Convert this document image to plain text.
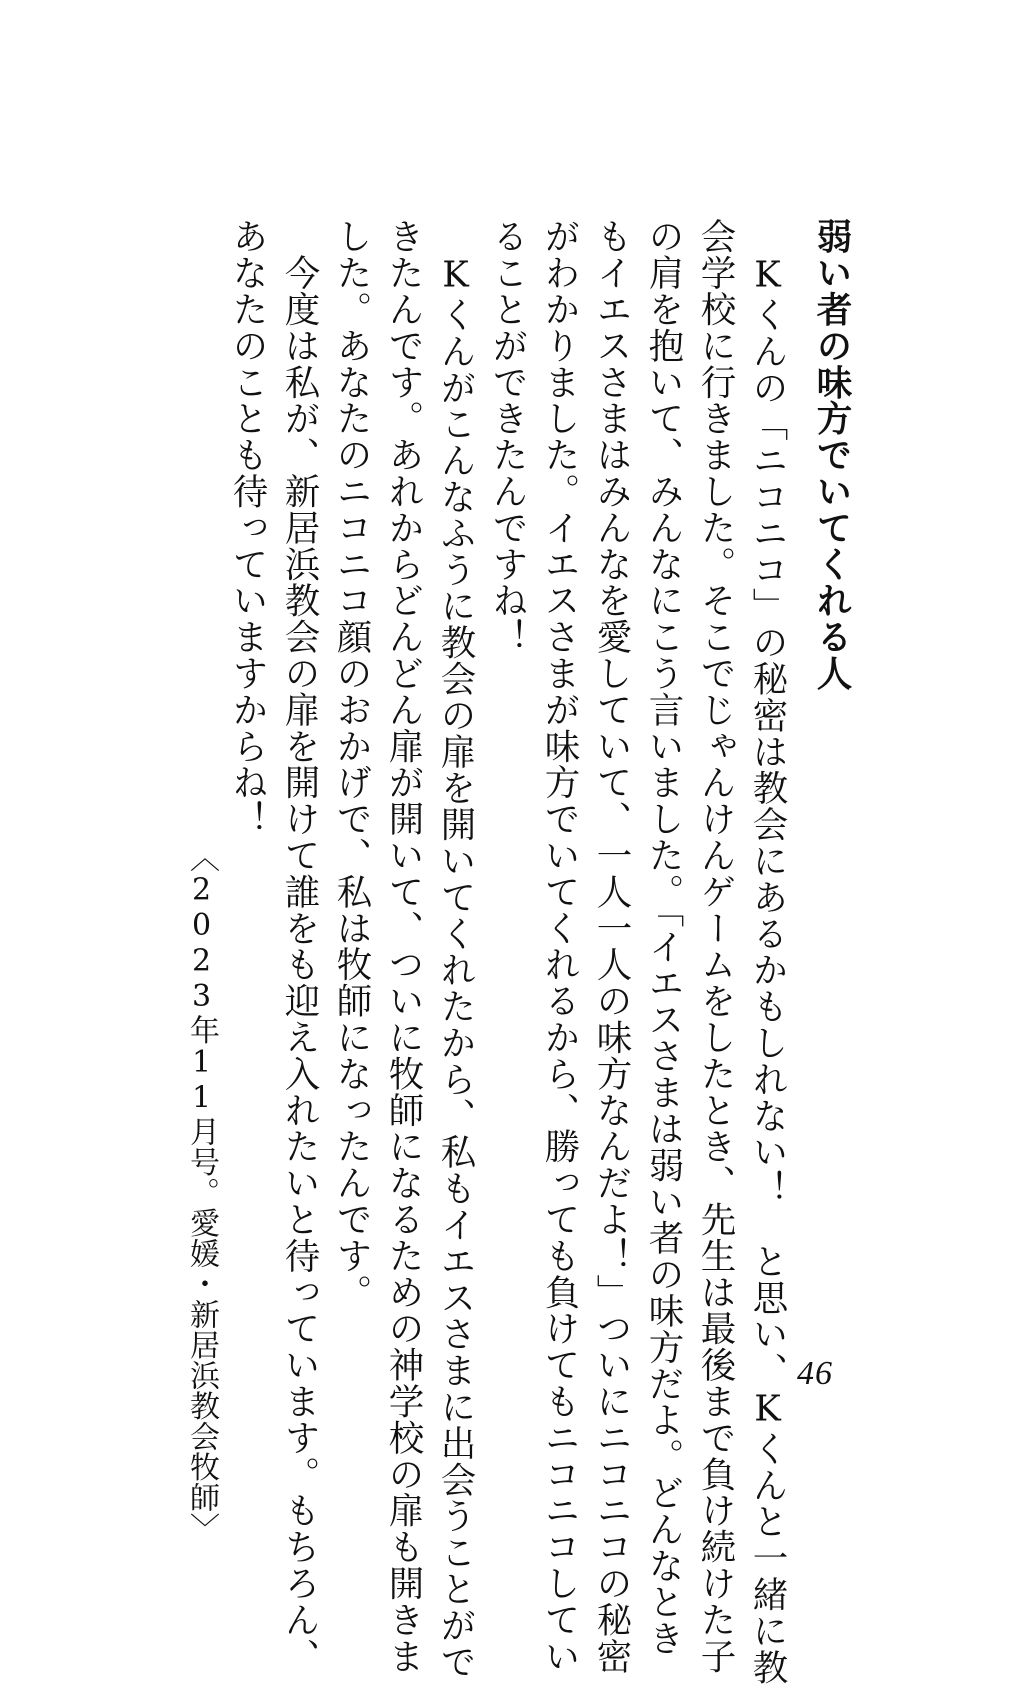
弱い者の味方でいてくれる人
　Kくんの「ニコニコ」の秘密は教会にあるかもしれない！　と思い、Kくんと一緒に教
会学校に行きました。そこでじゃんけんゲームをしたとき、先生は最後まで負け続けた子
の肩を抱いて、みんなにこう言いました。「イエスさまは弱い者の味方だよ。どんなとき
もイエスさまはみんなを愛していて、一人一人の味方なんだよ！」ついにニコニコの秘密
がわかりました。イエスさまが味方でいてくれるから、勝っても負けてもニコニコしてい
ることができたんですね！
　Kくんがこんなふうに教会の扉を開いてくれたから、私もイエスさまに出会うことがで
きたんです。あれからどんどん扉が開いて、ついに牧師になるための神学校の扉も開きま
した。あなたのニコニコ顔のおかげで、私は牧師になったんです。
　今度は私が、新居浜教会の扉を開けて誰をも迎え入れたいと待っています。もちろん、
あなたのことも待っていますからね！
〈2023年11月号。愛媛・新居浜教会牧師〉	46
